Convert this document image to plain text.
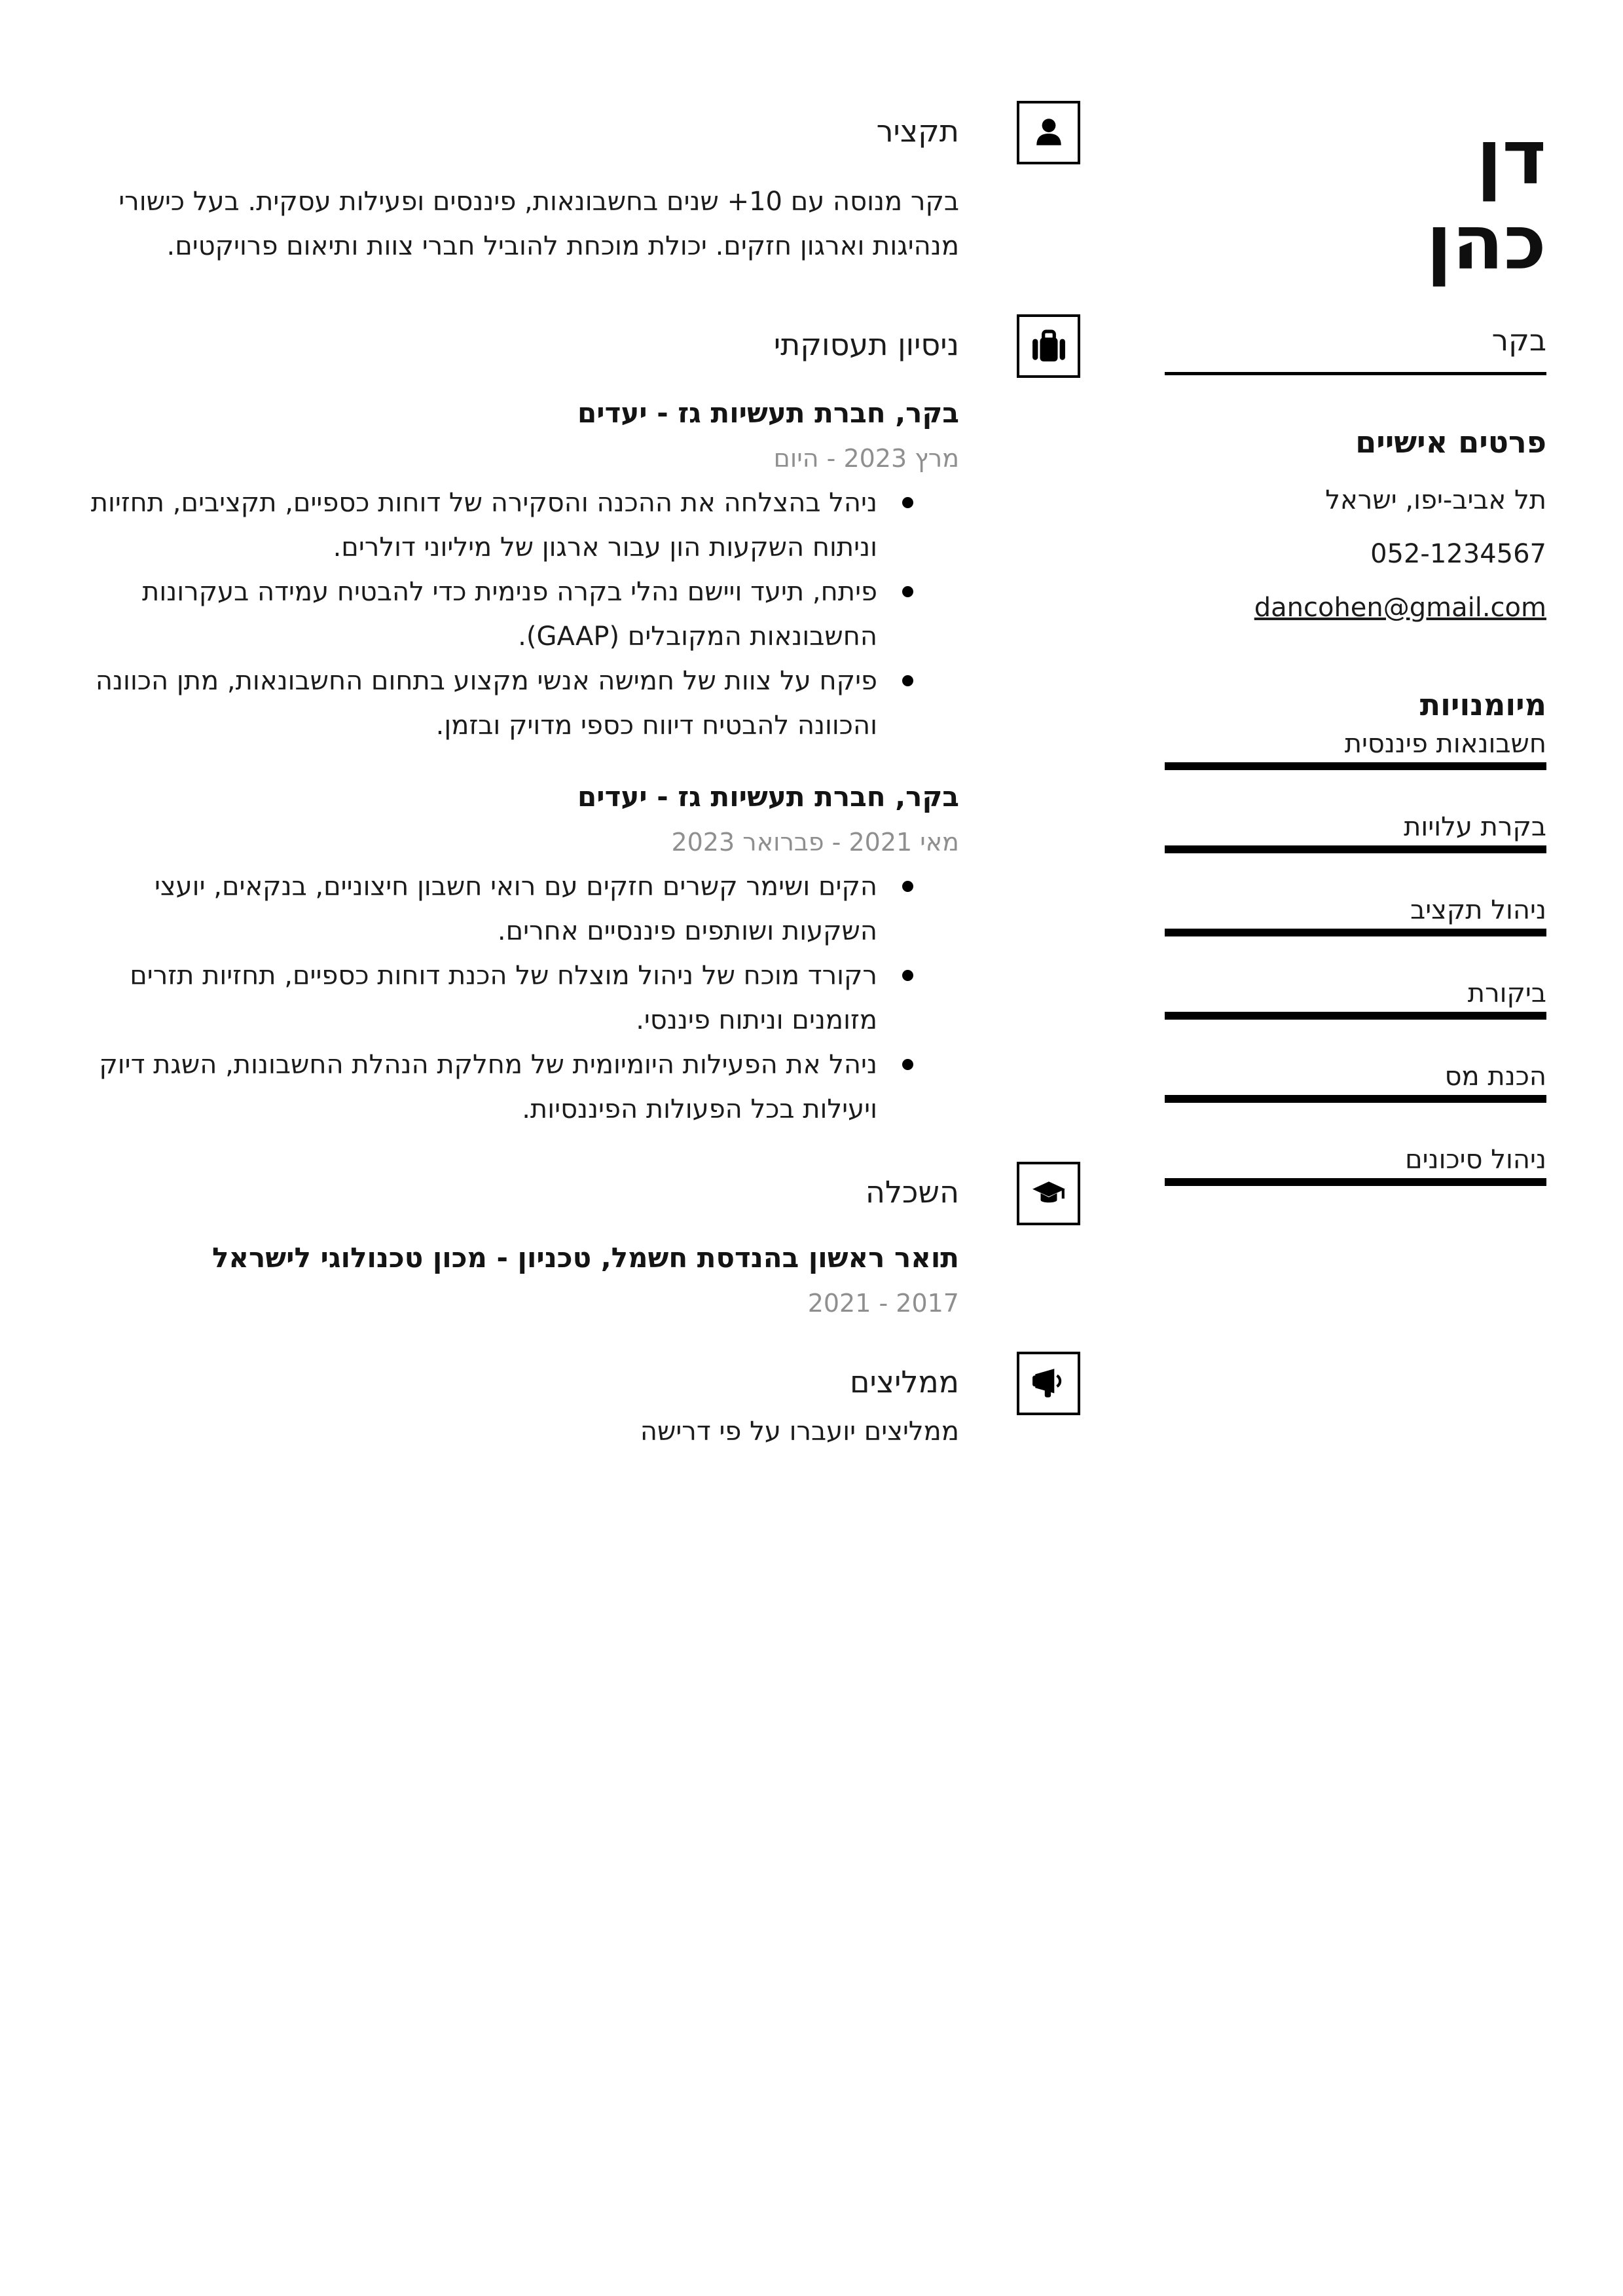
תקציר

בקר מנוסה עם 10+ שנים בחשבונאות, פיננסים ופעילות עסקית. בעל כישורי מנהיגות וארגון חזקים. יכולת מוכחת להוביל חברי צוות ותיאום פרויקטים.

ניסיון תעסוקתי
בקר, חברת תעשיות גז - יעדים
מרץ 2023 - היום
ניהל בהצלחה את ההכנה והסקירה של דוחות כספיים, תקציבים, תחזיות וניתוח השקעות הון עבור ארגון של מיליוני דולרים.
פיתח, תיעד ויישם נהלי בקרה פנימית כדי להבטיח עמידה בעקרונות החשבונאות המקובלים (GAAP).
פיקח על צוות של חמישה אנשי מקצוע בתחום החשבונאות, מתן הכוונה והכוונה להבטיח דיווח כספי מדויק ובזמן.
בקר, חברת תעשיות גז - יעדים
מאי 2021 - פברואר 2023
הקים ושימר קשרים חזקים עם רואי חשבון חיצוניים, בנקאים, יועצי השקעות ושותפים פיננסיים אחרים.
רקורד מוכח של ניהול מוצלח של הכנת דוחות כספיים, תחזיות תזרים מזומנים וניתוח פיננסי.
ניהל את הפעילות היומיומית של מחלקת הנהלת החשבונות, השגת דיוק ויעילות בכל הפעולות הפיננסיות.
השכלה
תואר ראשון בהנדסת חשמל, טכניון - מכון טכנולוגי לישראל
2017 - 2021
ממליצים
ממליצים יועברו על פי דרישה
דן
כהן
בקר
פרטים אישיים
תל אביב-יפו, ישראל
052-1234567
dancohen@gmail.com
מיומנויות
חשבונאות פיננסית
בקרת עלויות
ניהול תקציב
ביקורת
הכנת מס
ניהול סיכונים
